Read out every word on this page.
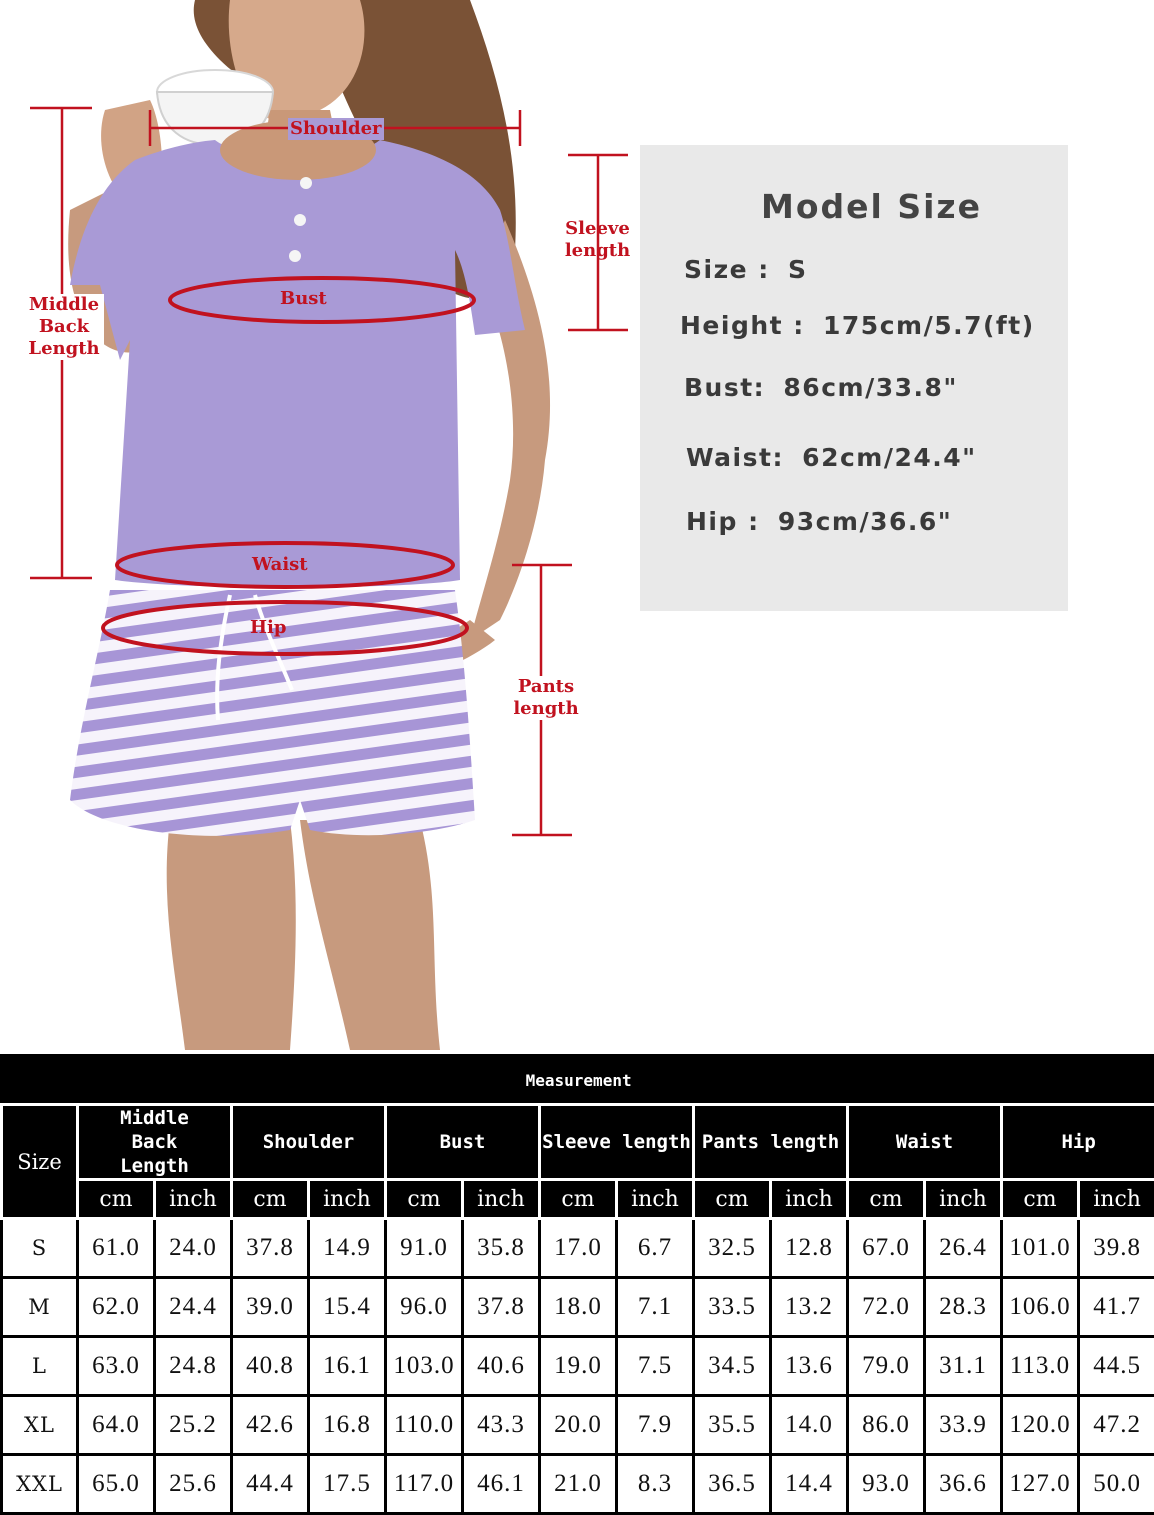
Shoulder
Sleeve
length
Middle
Back
Length
Bust
Waist
Hip
Pants
length
Model Size
Size : S
Height : 175cm/5.7(ft)
Bust: 86cm/33.8"
Waist: 62cm/24.4"
Hip : 93cm/36.6"
Measurement														
Size	Middle Back Length		Shoulder		Bust		Sleeve length		Pants length		Waist		Hip	
	cm	inch	cm	inch	cm	inch	cm	inch	cm	inch	cm	inch	cm	inch
S	61.0	24.0	37.8	14.9	91.0	35.8	17.0	6.7	32.5	12.8	67.0	26.4	101.0	39.8
M	62.0	24.4	39.0	15.4	96.0	37.8	18.0	7.1	33.5	13.2	72.0	28.3	106.0	41.7
L	63.0	24.8	40.8	16.1	103.0	40.6	19.0	7.5	34.5	13.6	79.0	31.1	113.0	44.5
XL	64.0	25.2	42.6	16.8	110.0	43.3	20.0	7.9	35.5	14.0	86.0	33.9	120.0	47.2
XXL	65.0	25.6	44.4	17.5	117.0	46.1	21.0	8.3	36.5	14.4	93.0	36.6	127.0	50.0
